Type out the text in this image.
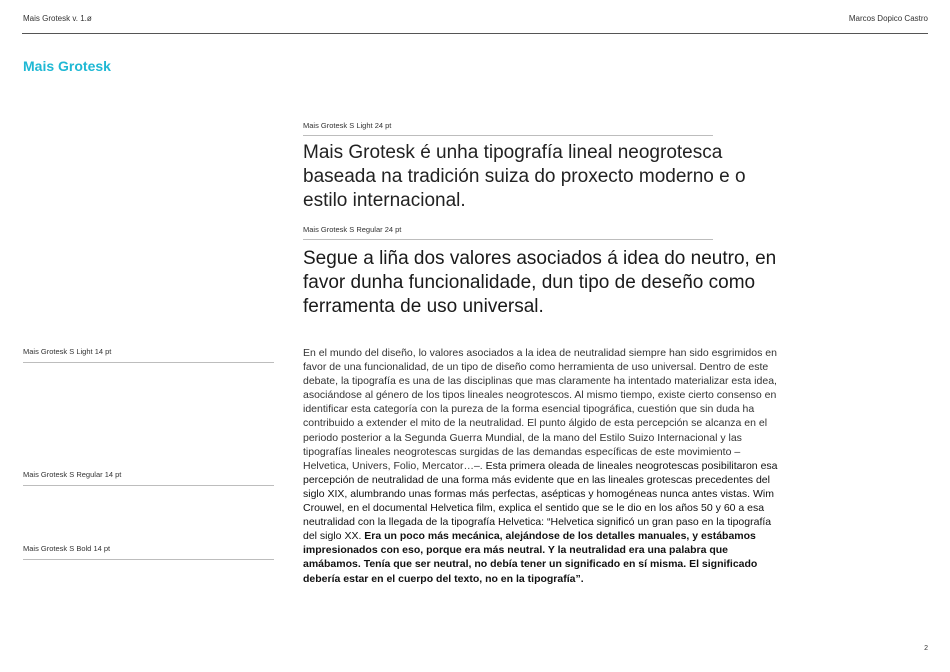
Mais Grotesk v. 1.ø	Marcos Dopico Castro
Mais Grotesk
Mais Grotesk S Light 24 pt
Mais Grotesk é unha tipografía lineal neogrotesca baseada na tradición suiza do proxecto moderno e o estilo internacional.
Mais Grotesk S Regular 24 pt
Segue a liña dos valores asociados á idea do neutro, en favor dunha funcionalidade, dun tipo de deseño como ferramenta de uso universal.
Mais Grotesk S Light 14 pt
Mais Grotesk S Regular 14 pt
Mais Grotesk S Bold 14 pt
En el mundo del diseño, lo valores asociados a la idea de neutralidad siempre han sido esgrimidos en favor de una funcionalidad, de un tipo de diseño como herramienta de uso universal. Dentro de este debate, la tipografía es una de las disciplinas que mas claramente ha intentado materializar esta idea, asociándose al género de los tipos lineales neogrotescos. Al mismo tiempo, existe cierto consenso en identificar esta categoría con la pureza de la forma esencial tipográfica, cuestión que sin duda ha contribuido a extender el mito de la neutralidad. El punto álgido de esta percepción se alcanza en el periodo posterior a la Segunda Guerra Mundial, de la mano del Estilo Suizo Internacional y las tipografías lineales neogrotescas surgidas de las demandas específicas de este movimiento –Helvetica, Univers, Folio, Mercator…–. Esta primera oleada de lineales neogrotescas posibilitaron esa percepción de neutralidad de una forma más evidente que en las lineales grotescas precedentes del siglo XIX, alumbrando unas formas más perfectas, asépticas y homogéneas nunca antes vistas. Wim Crouwel, en el documental Helvetica film, explica el sentido que se le dio en los años 50 y 60 a esa neutralidad con la llegada de la tipografía Helvetica: “Helvetica significó un gran paso en la tipografía del siglo XX. Era un poco más mecánica, alejándose de los detalles manuales, y estábamos impresionados con eso, porque era más neutral. Y la neutralidad era una palabra que amábamos. Tenía que ser neutral, no debía tener un significado en sí misma. El significado debería estar en el cuerpo del texto, no en la tipografía”.
2
